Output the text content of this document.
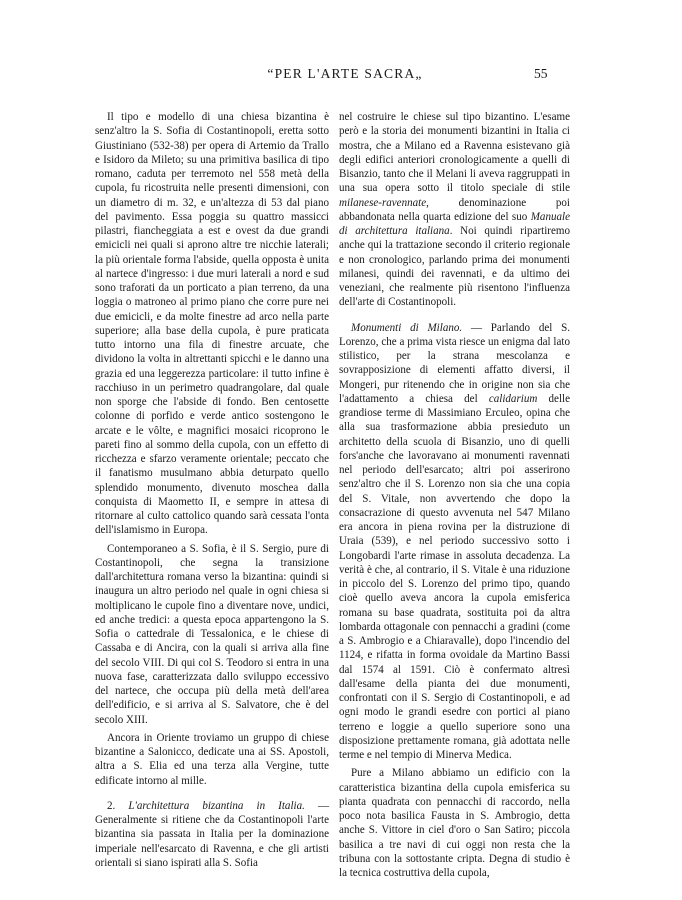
“PER L'ARTE SACRA„	55

Il tipo e modello di una chiesa bizantina è senz'altro la S. Sofia di Costantinopoli, eretta sotto Giustiniano (532-38) per opera di Artemio da Trallo e Isidoro da Mileto; su una primitiva basilica di tipo romano, caduta per terremoto nel 558 metà della cupola, fu ricostruita nelle presenti dimensioni, con un diametro di m. 32, e un'altezza di 53 dal piano del pavimento. Essa poggia su quattro massicci pilastri, fiancheggiata a est e ovest da due grandi emicicli nei quali si aprono altre tre nicchie laterali; la più orientale forma l'abside, quella opposta è unita al nartece d'ingresso: i due muri laterali a nord e sud sono traforati da un porticato a pian terreno, da una loggia o matroneo al primo piano che corre pure nei due emicicli, e da molte finestre ad arco nella parte superiore; alla base della cupola, è pure praticata tutto intorno una fila di finestre arcuate, che dividono la volta in altrettanti spicchi e le danno una grazia ed una leggerezza particolare: il tutto infine è racchiuso in un perimetro quadrangolare, dal quale non sporge che l'abside di fondo. Ben centosette colonne di porfido e verde antico sostengono le arcate e le vôlte, e magnifici mosaici ricoprono le pareti fino al sommo della cupola, con un effetto di ricchezza e sfarzo veramente orientale; peccato che il fanatismo musulmano abbia deturpato quello splendido monumento, divenuto moschea dalla conquista di Maometto II, e sempre in attesa di ritornare al culto cattolico quando sarà cessata l'onta dell'islamismo in Europa.

Contemporaneo a S. Sofia, è il S. Sergio, pure di Costantinopoli, che segna la transizione dall'architettura romana verso la bizantina: quindi si inaugura un altro periodo nel quale in ogni chiesa si moltiplicano le cupole fino a diventare nove, undici, ed anche tredici: a questa epoca appartengono la S. Sofia o cattedrale di Tessalonica, e le chiese di Cassaba e di Ancira, con la quali si arriva alla fine del secolo VIII. Di qui col S. Teodoro si entra in una nuova fase, caratterizzata dallo sviluppo eccessivo del nartece, che occupa più della metà dell'area dell'edificio, e si arriva al S. Salvatore, che è del secolo XIII.

Ancora in Oriente troviamo un gruppo di chiese bizantine a Salonicco, dedicate una ai SS. Apostoli, altra a S. Elia ed una terza alla Vergine, tutte edificate intorno al mille.

2. L'architettura bizantina in Italia. — Generalmente si ritiene che da Costantinopoli l'arte bizantina sia passata in Italia per la dominazione imperiale nell'esarcato di Ravenna, e che gli artisti orientali si siano ispirati alla S. Sofia

nel costruire le chiese sul tipo bizantino. L'esame però e la storia dei monumenti bizantini in Italia ci mostra, che a Milano ed a Ravenna esistevano già degli edifici anteriori cronologicamente a quelli di Bisanzio, tanto che il Melani li aveva raggruppati in una sua opera sotto il titolo speciale di stile milanese-ravennate, denominazione poi abbandonata nella quarta edizione del suo Manuale di architettura italiana. Noi quindi ripartiremo anche qui la trattazione secondo il criterio regionale e non cronologico, parlando prima dei monumenti milanesi, quindi dei ravennati, e da ultimo dei veneziani, che realmente più risentono l'influenza dell'arte di Costantinopoli.

Monumenti di Milano. — Parlando del S. Lorenzo, che a prima vista riesce un enigma dal lato stilistico, per la strana mescolanza e sovrapposizione di elementi affatto diversi, il Mongeri, pur ritenendo che in origine non sia che l'adattamento a chiesa del calidarium delle grandiose terme di Massimiano Erculeo, opina che alla sua trasformazione abbia presieduto un architetto della scuola di Bisanzio, uno di quelli fors'anche che lavoravano ai monumenti ravennati nel periodo dell'esarcato; altri poi asserirono senz'altro che il S. Lorenzo non sia che una copia del S. Vitale, non avvertendo che dopo la consacrazione di questo avvenuta nel 547 Milano era ancora in piena rovina per la distruzione di Uraia (539), e nel periodo successivo sotto i Longobardi l'arte rimase in assoluta decadenza. La verità è che, al contrario, il S. Vitale è una riduzione in piccolo del S. Lorenzo del primo tipo, quando cioè quello aveva ancora la cupola emisferica romana su base quadrata, sostituita poi da altra lombarda ottagonale con pennacchi a gradini (come a S. Ambrogio e a Chiaravalle), dopo l'incendio del 1124, e rifatta in forma ovoidale da Martino Bassi dal 1574 al 1591. Ciò è confermato altresì dall'esame della pianta dei due monumenti, confrontati con il S. Sergio di Costantinopoli, e ad ogni modo le grandi esedre con portici al piano terreno e loggie a quello superiore sono una disposizione prettamente romana, già adottata nelle terme e nel tempio di Minerva Medica.

Pure a Milano abbiamo un edificio con la caratteristica bizantina della cupola emisferica su pianta quadrata con pennacchi di raccordo, nella poco nota basilica Fausta in S. Ambrogio, detta anche S. Vittore in ciel d'oro o San Satiro; piccola basilica a tre navi di cui oggi non resta che la tribuna con la sottostante cripta. Degna di studio è la tecnica costruttiva della cupola,
